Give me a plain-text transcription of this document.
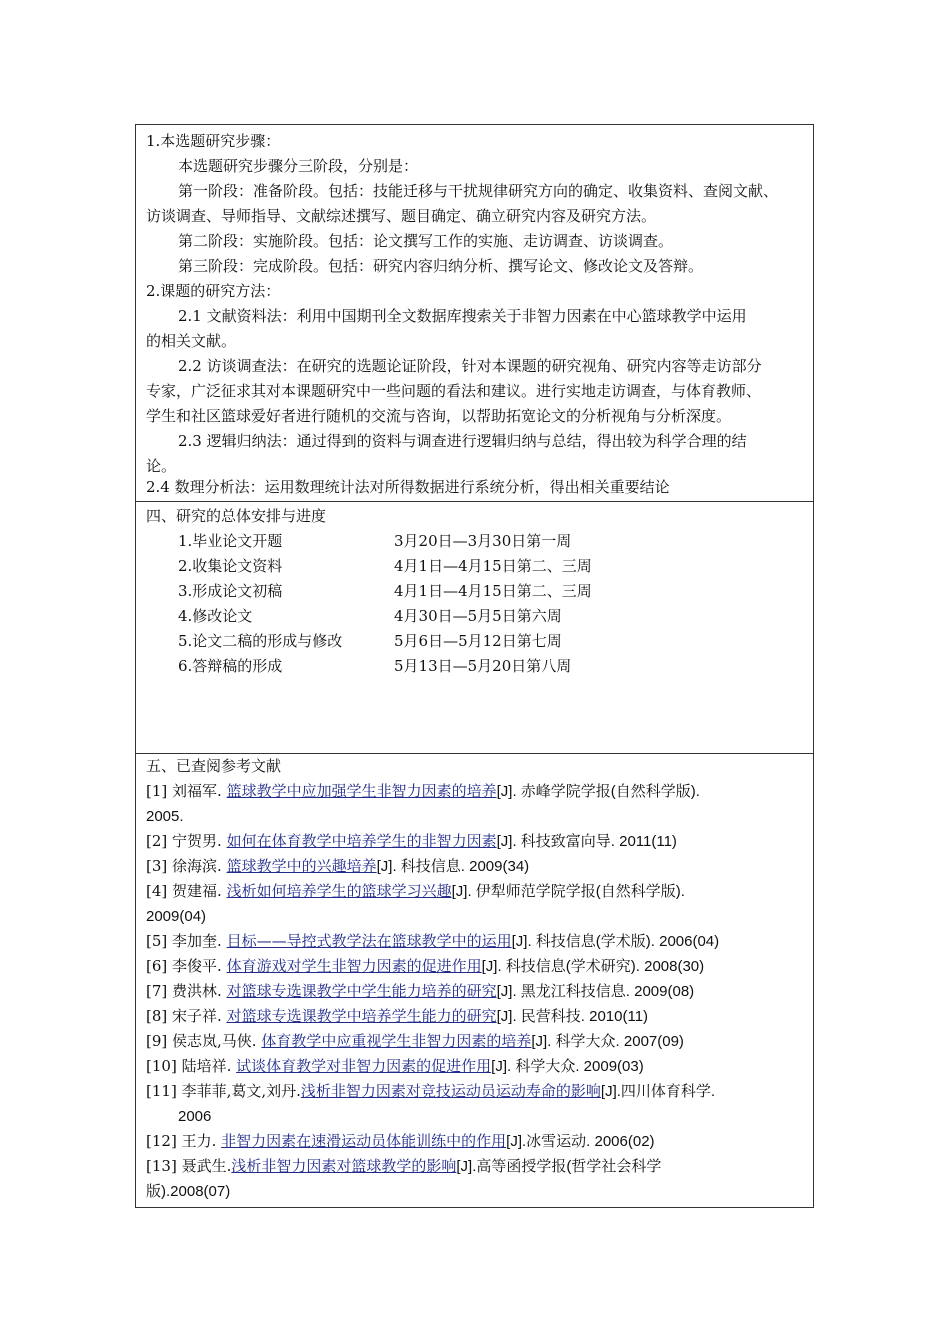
1.本选题研究步骤：
本选题研究步骤分三阶段，分别是：
第一阶段：准备阶段。包括：技能迁移与干扰规律研究方向的确定、收集资料、查阅文献、
访谈调查、导师指导、文献综述撰写、题目确定、确立研究内容及研究方法。
第二阶段：实施阶段。包括：论文撰写工作的实施、走访调查、访谈调查。
第三阶段：完成阶段。包括：研究内容归纳分析、撰写论文、修改论文及答辩。
2.课题的研究方法：
2.1 文献资料法：利用中国期刊全文数据库搜索关于非智力因素在中心篮球教学中运用
的相关文献。
2.2 访谈调查法：在研究的选题论证阶段，针对本课题的研究视角、研究内容等走访部分
专家，广泛征求其对本课题研究中一些问题的看法和建议。进行实地走访调查，与体育教师、
学生和社区篮球爱好者进行随机的交流与咨询，以帮助拓宽论文的分析视角与分析深度。
2.3 逻辑归纳法：通过得到的资料与调查进行逻辑归纳与总结，得出较为科学合理的结
论。
2.4 数理分析法：运用数理统计法对所得数据进行系统分析，得出相关重要结论
四、研究的总体安排与进度
1.毕业论文开题	3月20日—3月30日第一周
2.收集论文资料	4月1日—4月15日第二、三周
3.形成论文初稿	4月1日—4月15日第二、三周
4.修改论文	4月30日—5月5日第六周
5.论文二稿的形成与修改	5月6日—5月12日第七周
6.答辩稿的形成	5月13日—5月20日第八周
五、已查阅参考文献
[1] 刘福军. 篮球教学中应加强学生非智力因素的培养[J]. 赤峰学院学报(自然科学版).
2005.
[2] 宁贺男. 如何在体育教学中培养学生的非智力因素[J]. 科技致富向导. 2011(11)
[3] 徐海滨. 篮球教学中的兴趣培养[J]. 科技信息. 2009(34)
[4] 贺建福. 浅析如何培养学生的篮球学习兴趣[J]. 伊犁师范学院学报(自然科学版).
2009(04)
[5] 李加奎. 目标——导控式教学法在篮球教学中的运用[J]. 科技信息(学术版). 2006(04)
[6] 李俊平. 体育游戏对学生非智力因素的促进作用[J]. 科技信息(学术研究). 2008(30)
[7] 费洪林. 对篮球专选课教学中学生能力培养的研究[J]. 黑龙江科技信息. 2009(08)
[8] 宋子祥. 对篮球专选课教学中培养学生能力的研究[J]. 民营科技. 2010(11)
[9] 侯志岚,马俠. 体育教学中应重视学生非智力因素的培养[J]. 科学大众. 2007(09)
[10] 陆培祥. 试谈体育教学对非智力因素的促进作用[J]. 科学大众. 2009(03)
[11] 李菲菲,葛文,刘丹.浅析非智力因素对竞技运动员运动寿命的影响[J].四川体育科学.
2006
[12] 王力. 非智力因素在速滑运动员体能训练中的作用[J].冰雪运动. 2006(02)
[13] 聂武生.浅析非智力因素对篮球教学的影响[J].高等函授学报(哲学社会科学
版).2008(07)
